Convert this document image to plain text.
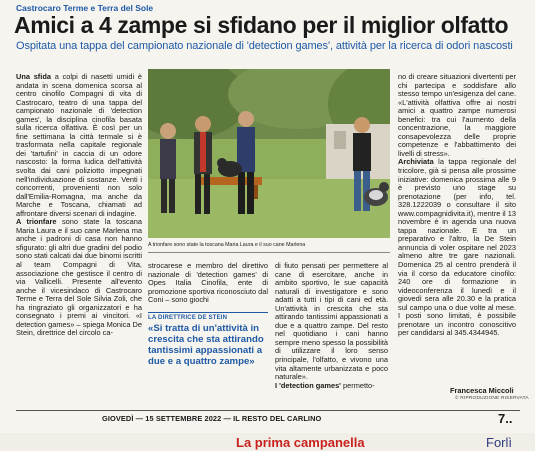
Castrocaro Terme e Terra del Sole
Amici a 4 zampe si sfidano per il miglior olfatto
Ospitata una tappa del campionato nazionale di 'detection games', attività per la ricerca di odori nascosti

Una sfida a colpi di nasetti umidi è andata in scena domenica scorsa al centro cinofilo Compagni di vita di Castrocaro, teatro di una tappa del campionato nazionale di 'detection games', la disciplina cinofila basata sulla ricerca olfattiva. È così per un fine settimana la città termale si è trasformata nella capitale regionale dei 'tartufini' in caccia di un odore nascosto: la forma ludica dell'attività svolta dai cani poliziotto impegnati nell'individuazione di sostanze. Venti i concorrenti, provenienti non solo dall'Emilia-Romagna, ma anche da Marche e Toscana, chiamati ad affrontare diversi scenari di indagine.

A trionfare sono state la toscana Maria Laura e il suo cane Marlena ma anche i padroni di casa non hanno sfigurato: gli altri due gradini del podio sono stati calcati dai due binomi iscritti al team Compagni di Vita, associazione che gestisce il centro di via Vallicelli. Presente all'evento anche il vicesindaco di Castrocaro Terme e Terra del Sole Silvia Zoli, che ha ringraziato gli organizzatori e ha consegnato i premi ai vincitori. «I detection games» – spiega Monica De Stein, direttrice del circolo ca-

A trionfare sono state la toscana Maria Laura e il suo cane Marlena
strocarese e membro del direttivo nazionale di 'detection games' di Opes Italia Cinofila, ente di promozione sportiva riconosciuto dal Coni – sono giochi
LA DIRETTRICE DE STEIN
«Si tratta di un'attività in crescita che sta attirando tantissimi appassionati a due e a quattro zampe»
di fiuto pensati per permettere al cane di esercitare, anche in ambito sportivo, le sue capacità naturali di investigatore e sono adatti a tutti i tipi di cani ed età. Un'attività in crescita che sta attirando tantissimi appassionati a due e a quattro zampe. Del resto nel quotidiano i cani hanno sempre meno spesso la possibilità di utilizzare il loro senso principale, l'olfatto, e vivono una vita altamente urbanizzata e poco naturale».

I 'detection games' permetto-

no di creare situazioni divertenti per chi partecipa e soddisfare allo stesso tempo un'esigenza del cane. «L'attività olfattiva offre ai nostri amici a quattro zampe numerosi benefici: tra cui l'aumento della concentrazione, la maggiore consapevolezza delle proprie competenze e l'abbattimento dei livelli di stress».

Archiviata la tappa regionale del tricolore, già si pensa alle prossime iniziative: domenica prossima alle 9 è previsto uno stage su prenotazione (per info, tel. 328.1222039 o consultare il sito www.compagnidivita.it), mentre il 13 novembre è in agenda una nuova tappa nazionale. E tra un preparativo e l'altro, la De Stein annuncia di voler ospitare nel 2023 almeno altre tre gare nazionali. Domenica 25 al centro prenderà il via il corso da educatore cinofilo: 240 ore di formazione in videoconferenza il lunedì e il giovedì sera alle 20.30 e la pratica sul campo una o due volte al mese. I posti sono limitati, è possibile prenotare un incontro conoscitivo per candidarsi al 345.4344945.

Francesca Miccoli
© RIPRODUZIONE RISERVATA
GIOVEDÌ — 15 SETTEMBRE 2022 — IL RESTO DEL CARLINO	7..
La prima campanella	Forlì
